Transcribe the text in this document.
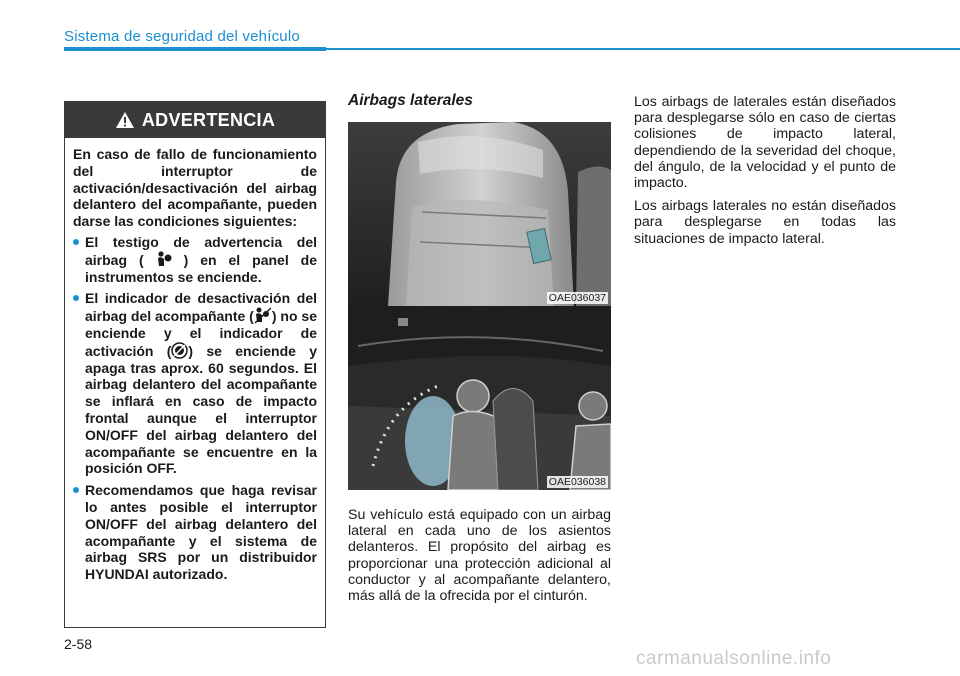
Sistema de seguridad del vehículo
ADVERTENCIA

En caso de fallo de funcionamiento del interruptor de activación/desactivación del airbag delantero del acompañante, pueden darse las condiciones siguientes:

El testigo de advertencia del airbag (	) en el panel de instrumentos se enciende.
El indicador de desactivación del airbag del acompañante ( ) no se enciende y el indicador de activación ( ) se enciende y apaga tras aprox. 60 segundos. El airbag delantero del acompañante se inflará en caso de impacto frontal aunque el interruptor ON/OFF del airbag delantero del acompañante se encuentre en la posición OFF.
Recomendamos que haga revisar lo antes posible el interruptor ON/OFF del airbag delantero del acompañante y el sistema de airbag SRS por un distribuidor HYUNDAI autorizado.
Airbags laterales
OAE036037
OAE036038

Su vehículo está equipado con un airbag lateral en cada uno de los asientos delanteros. El propósito del airbag es proporcionar una protección adicional al conductor y al acompañante delantero, más allá de la ofrecida por el cinturón.

Los airbags de laterales están diseñados para desplegarse sólo en caso de ciertas colisiones de impacto lateral, dependiendo de la severidad del choque, del ángulo, de la velocidad y el punto de impacto.

Los airbags laterales no están diseñados para desplegarse en todas las situaciones de impacto lateral.

2-58
carmanualsonline.info
